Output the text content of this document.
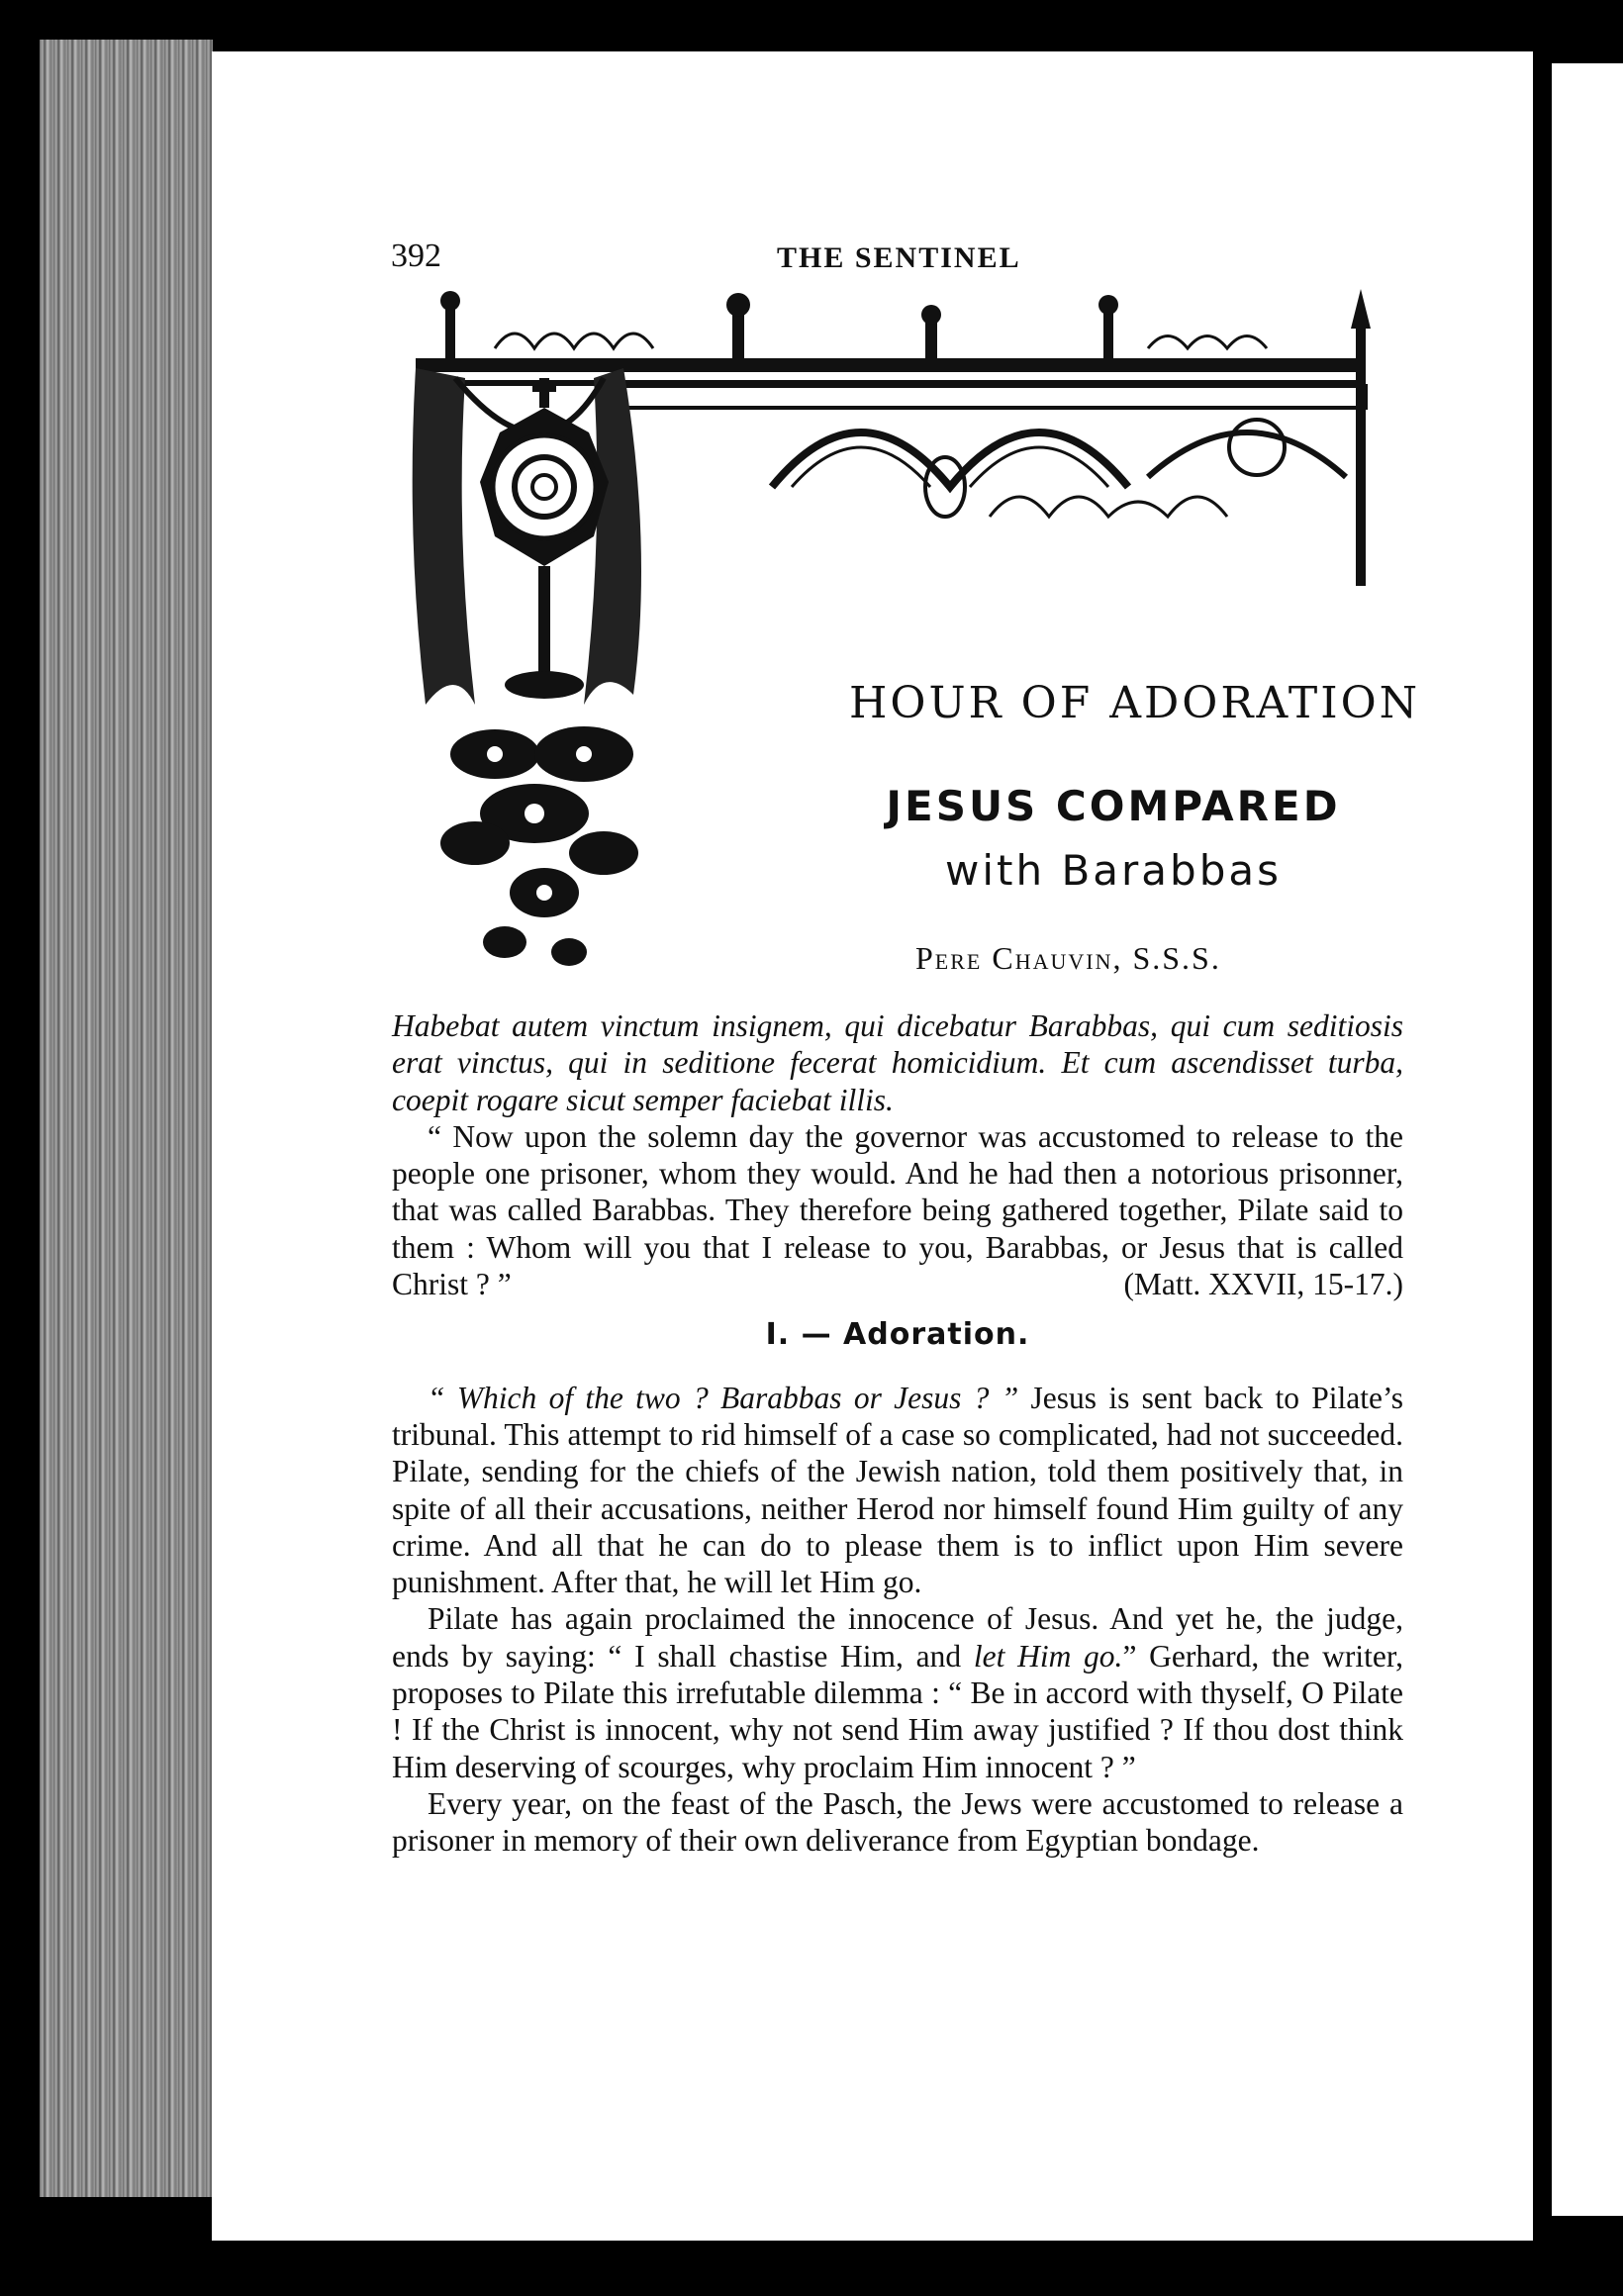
392	THE SENTINEL
HOUR OF ADORATION
JESUS COMPARED
with Barabbas
Pere Chauvin, S.S.S.

Habebat autem vinctum insignem, qui dicebatur Barabbas, qui cum seditiosis erat vinctus, qui in seditione fecerat homicidium. Et cum ascendisset turba, coepit rogare sicut semper faciebat illis.

“ Now upon the solemn day the governor was accustomed to release to the people one prisoner, whom they would. And he had then a notorious prisonner, that was called Barabbas. They therefore being gathered together, Pilate said to them : Whom will you that I release to you, Barabbas, or Jesus that is called Christ ? ”	(Matt. XXVII, 15-17.)

I. — Adoration.

“ Which of the two ? Barabbas or Jesus ? ” Jesus is sent back to Pilate’s tribunal. This attempt to rid himself of a case so complicated, had not succeeded. Pilate, sending for the chiefs of the Jewish nation, told them positively that, in spite of all their accusations, neither Herod nor himself found Him guilty of any crime. And all that he can do to please them is to inflict upon Him severe punishment. After that, he will let Him go.

Pilate has again proclaimed the innocence of Jesus. And yet he, the judge, ends by saying: “ I shall chastise Him, and let Him go.” Gerhard, the writer, proposes to Pilate this irrefutable dilemma : “ Be in accord with thyself, O Pilate ! If the Christ is innocent, why not send Him away justified ? If thou dost think Him deserving of scourges, why proclaim Him innocent ? ”

Every year, on the feast of the Pasch, the Jews were accustomed to release a prisoner in memory of their own deliverance from Egyptian bondage.
